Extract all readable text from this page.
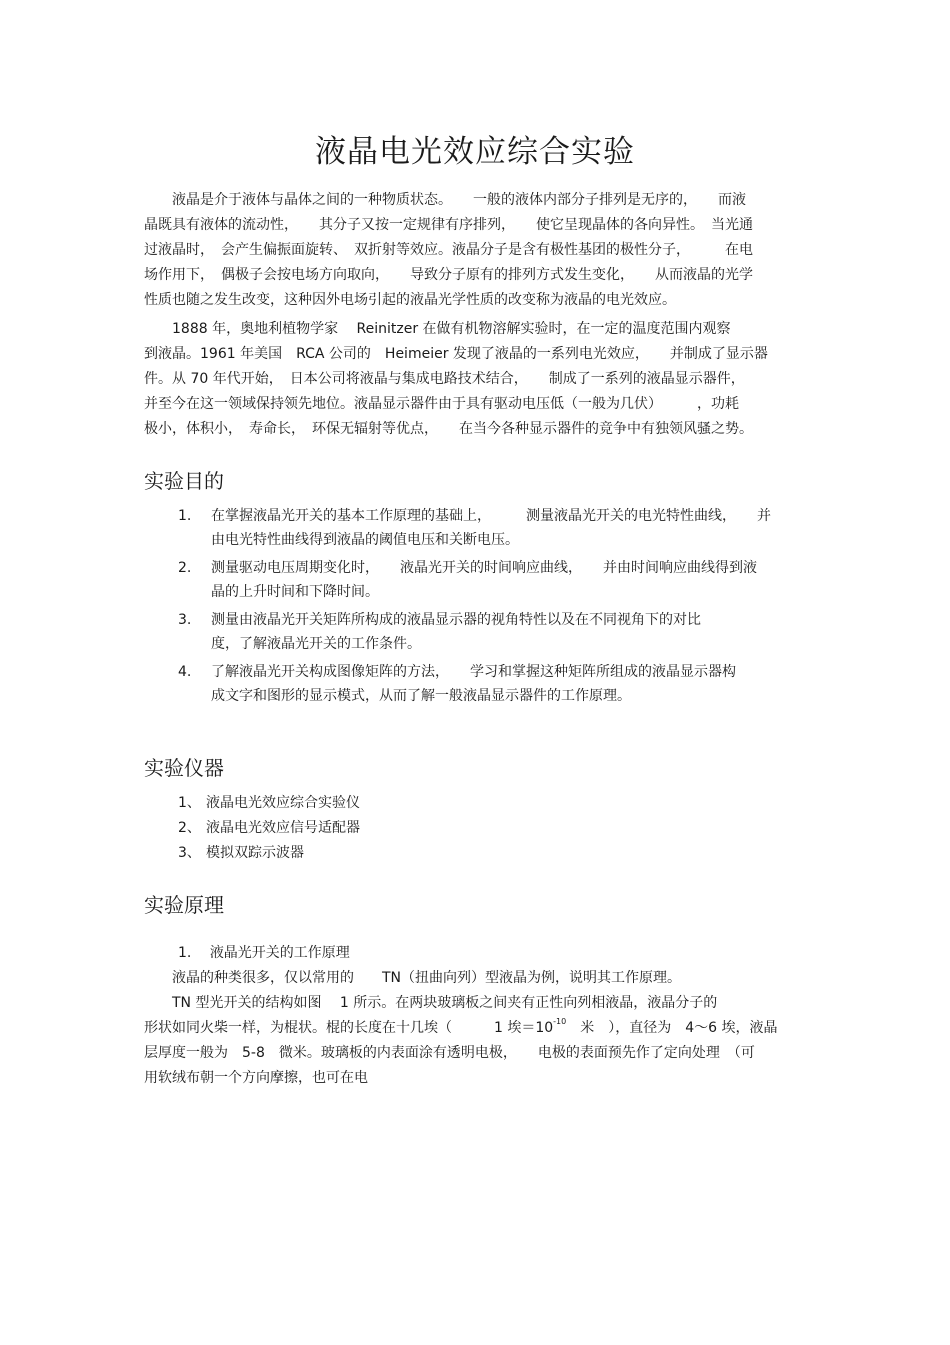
液晶电光效应综合实验
　　液晶是介于液体与晶体之间的一种物质状态。　　一般的液体内部分子排列是无序的，　　而液
晶既具有液体的流动性，　　其分子又按一定规律有序排列，　　使它呈现晶体的各向异性。　当光通
过液晶时，　会产生偏振面旋转、　双折射等效应。液晶分子是含有极性基团的极性分子，　　　在电
场作用下，　偶极子会按电场方向取向，　　导致分子原有的排列方式发生变化，　　从而液晶的光学
性质也随之发生改变，这种因外电场引起的液晶光学性质的改变称为液晶的电光效应。
　　1888 年，奥地利植物学家　 Reinitzer 在做有机物溶解实验时，在一定的温度范围内观察
到液晶。1961 年美国　RCA 公司的　Heimeier 发现了液晶的一系列电光效应，　　并制成了显示器
件。从 70 年代开始，　日本公司将液晶与集成电路技术结合，　　制成了一系列的液晶显示器件，
并至今在这一领域保持领先地位。液晶显示器件由于具有驱动电压低（一般为几伏）　　　，功耗
极小，体积小，　寿命长，　环保无辐射等优点，　　在当今各种显示器件的竞争中有独领风骚之势。
实验目的
1. 在掌握液晶光开关的基本工作原理的基础上，　　　测量液晶光开关的电光特性曲线，　　并
由电光特性曲线得到液晶的阈值电压和关断电压。
2. 测量驱动电压周期变化时，　　液晶光开关的时间响应曲线，　　并由时间响应曲线得到液
晶的上升时间和下降时间。
3. 测量由液晶光开关矩阵所构成的液晶显示器的视角特性以及在不同视角下的对比
度，了解液晶光开关的工作条件。
4. 了解液晶光开关构成图像矩阵的方法，　　学习和掌握这种矩阵所组成的液晶显示器构
成文字和图形的显示模式，从而了解一般液晶显示器件的工作原理。
实验仪器
1、 液晶电光效应综合实验仪
2、 液晶电光效应信号适配器
3、 模拟双踪示波器
实验原理
1.　 液晶光开关的工作原理
　　液晶的种类很多，仅以常用的　　TN（扭曲向列）型液晶为例，说明其工作原理。
　　TN 型光开关的结构如图　 1 所示。在两块玻璃板之间夹有正性向列相液晶，液晶分子的
形状如同火柴一样，为棍状。棍的长度在十几埃（　　　1 埃$=10^{-10}$　 米　），直径为　4～6 埃，液晶
层厚度一般为　5-8　微米。玻璃板的内表面涂有透明电极，　　电极的表面预先作了定向处理　（可
用软绒布朝一个方向摩擦，也可在电
